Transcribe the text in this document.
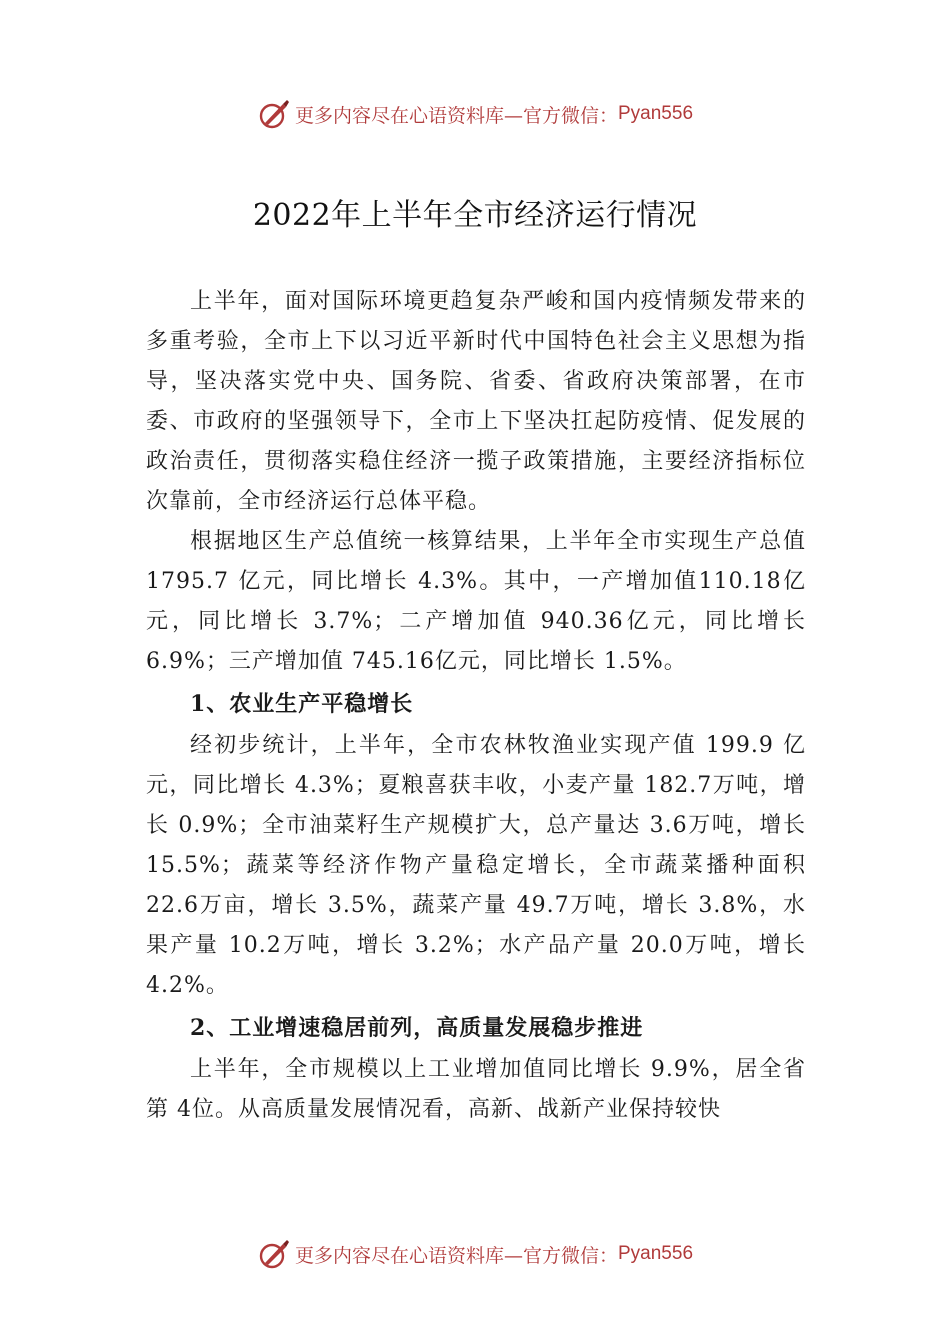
更多内容尽在心语资料库—官方微信： Pyan556
2022年上半年全市经济运行情况

上半年，面对国际环境更趋复杂严峻和国内疫情频发带来的多重考验，全市上下以习近平新时代中国特色社会主义思想为指导，坚决落实党中央、国务院、省委、省政府决策部署，在市委、市政府的坚强领导下，全市上下坚决扛起防疫情、促发展的政治责任，贯彻落实稳住经济一揽子政策措施，主要经济指标位次靠前，全市经济运行总体平稳。

根据地区生产总值统一核算结果，上半年全市实现生产总值 1795.7 亿元，同比增长 4.3%。其中，一产增加值110.18亿元，同比增长 3.7%；二产增加值 940.36亿元，同比增长6.9%；三产增加值 745.16亿元，同比增长 1.5%。

1、农业生产平稳增长

经初步统计，上半年，全市农林牧渔业实现产值 199.9 亿元，同比增长 4.3%；夏粮喜获丰收，小麦产量 182.7万吨，增长 0.9%；全市油菜籽生产规模扩大，总产量达 3.6万吨，增长 15.5%；蔬菜等经济作物产量稳定增长，全市蔬菜播种面积 22.6万亩，增长 3.5%，蔬菜产量 49.7万吨，增长 3.8%，水果产量 10.2万吨，增长 3.2%；水产品产量 20.0万吨，增长 4.2%。

2、工业增速稳居前列，高质量发展稳步推进

上半年，全市规模以上工业增加值同比增长 9.9%，居全省第 4位。从高质量发展情况看，高新、战新产业保持较快

更多内容尽在心语资料库—官方微信： Pyan556
